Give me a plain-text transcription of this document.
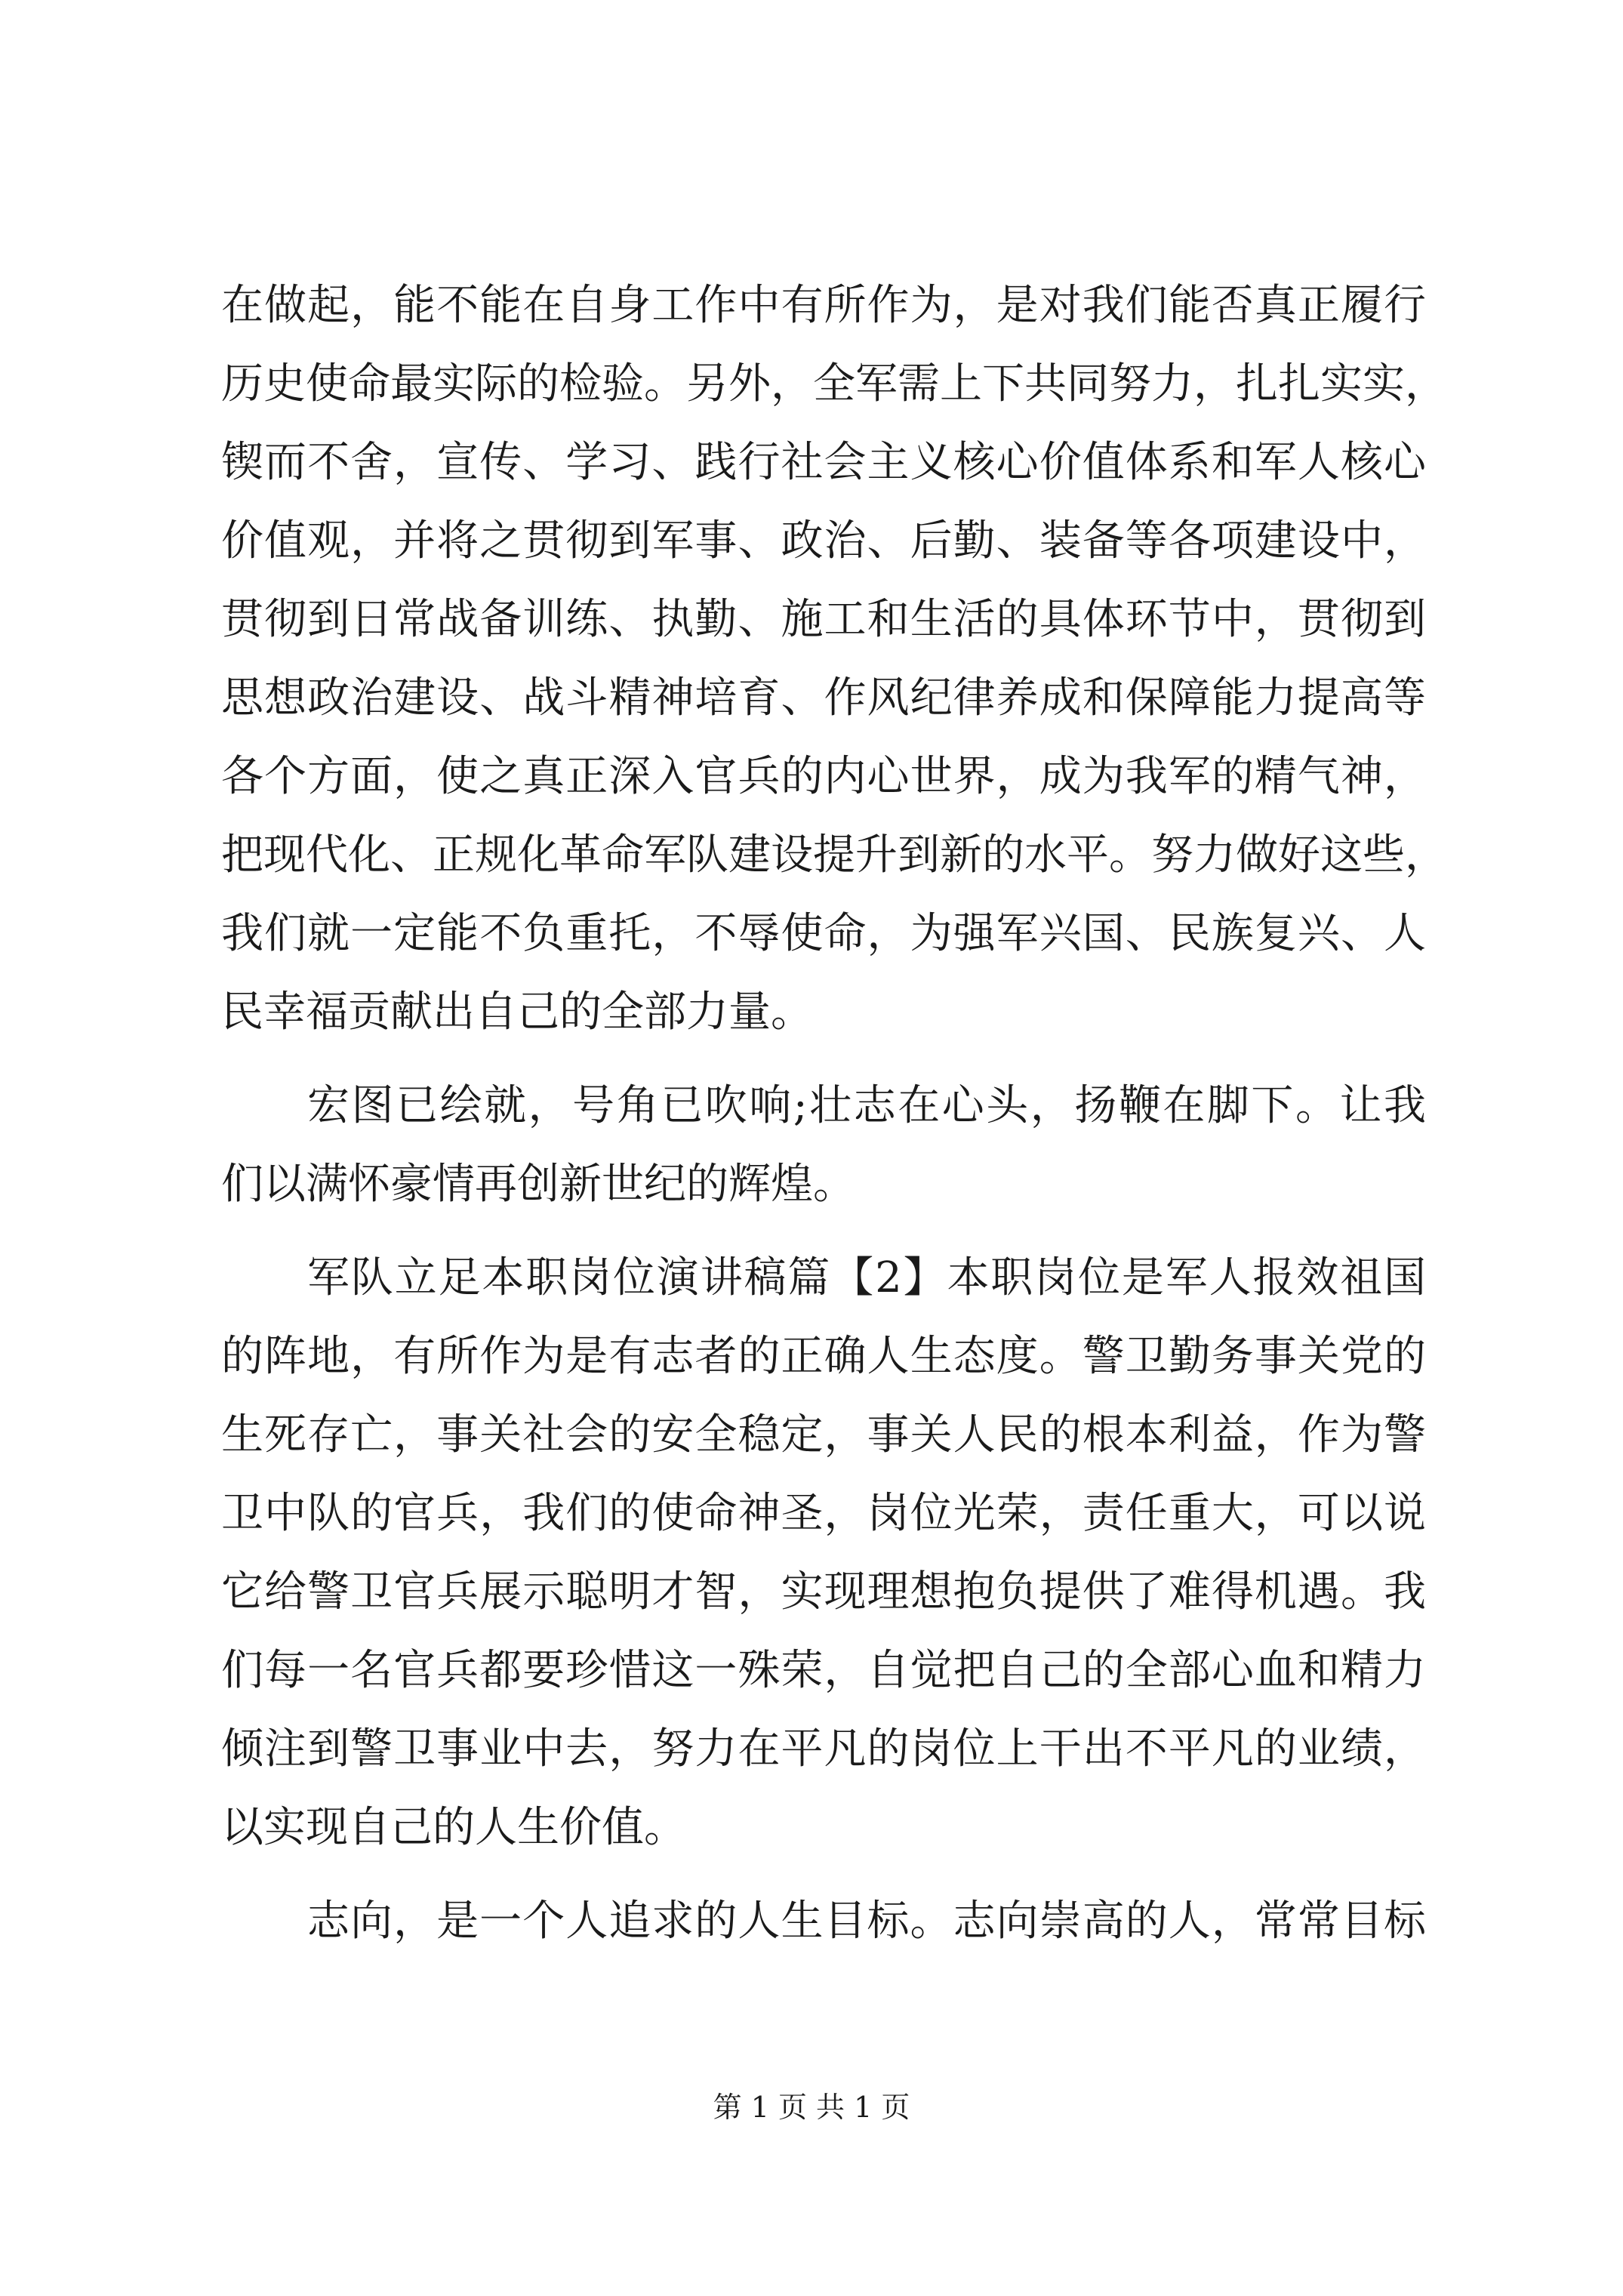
在做起，能不能在自身工作中有所作为，是对我们能否真正履行
历史使命最实际的检验。另外，全军需上下共同努力，扎扎实实，
锲而不舍，宣传、学习、践行社会主义核心价值体系和军人核心
价值观，并将之贯彻到军事、政治、后勤、装备等各项建设中，
贯彻到日常战备训练、执勤、施工和生活的具体环节中，贯彻到
思想政治建设、战斗精神培育、作风纪律养成和保障能力提高等
各个方面，使之真正深入官兵的内心世界，成为我军的精气神，
把现代化、正规化革命军队建设提升到新的水平。努力做好这些，
我们就一定能不负重托，不辱使命，为强军兴国、民族复兴、人
民幸福贡献出自己的全部力量。
宏图已绘就，号角已吹响;壮志在心头，扬鞭在脚下。让我
们以满怀豪情再创新世纪的辉煌。
军队立足本职岗位演讲稿篇【2】本职岗位是军人报效祖国
的阵地，有所作为是有志者的正确人生态度。警卫勤务事关党的
生死存亡，事关社会的安全稳定，事关人民的根本利益，作为警
卫中队的官兵，我们的使命神圣，岗位光荣，责任重大，可以说
它给警卫官兵展示聪明才智，实现理想抱负提供了难得机遇。我
们每一名官兵都要珍惜这一殊荣，自觉把自己的全部心血和精力
倾注到警卫事业中去，努力在平凡的岗位上干出不平凡的业绩，
以实现自己的人生价值。
志向，是一个人追求的人生目标。志向崇高的人，常常目标
第 1 页 共 1 页
